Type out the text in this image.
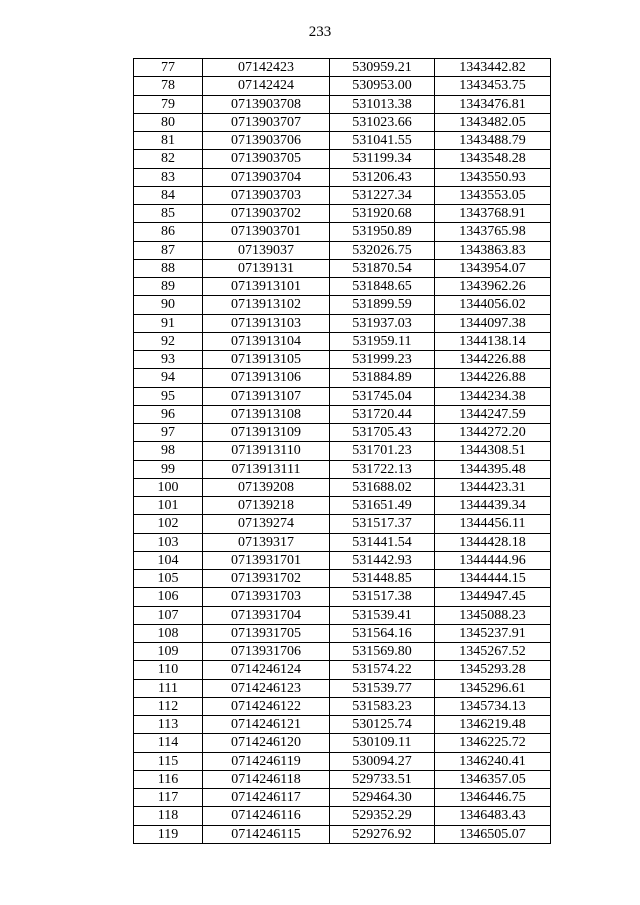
233
77	07142423	530959.21	1343442.82
78	07142424	530953.00	1343453.75
79	0713903708	531013.38	1343476.81
80	0713903707	531023.66	1343482.05
81	0713903706	531041.55	1343488.79
82	0713903705	531199.34	1343548.28
83	0713903704	531206.43	1343550.93
84	0713903703	531227.34	1343553.05
85	0713903702	531920.68	1343768.91
86	0713903701	531950.89	1343765.98
87	07139037	532026.75	1343863.83
88	07139131	531870.54	1343954.07
89	0713913101	531848.65	1343962.26
90	0713913102	531899.59	1344056.02
91	0713913103	531937.03	1344097.38
92	0713913104	531959.11	1344138.14
93	0713913105	531999.23	1344226.88
94	0713913106	531884.89	1344226.88
95	0713913107	531745.04	1344234.38
96	0713913108	531720.44	1344247.59
97	0713913109	531705.43	1344272.20
98	0713913110	531701.23	1344308.51
99	0713913111	531722.13	1344395.48
100	07139208	531688.02	1344423.31
101	07139218	531651.49	1344439.34
102	07139274	531517.37	1344456.11
103	07139317	531441.54	1344428.18
104	0713931701	531442.93	1344444.96
105	0713931702	531448.85	1344444.15
106	0713931703	531517.38	1344947.45
107	0713931704	531539.41	1345088.23
108	0713931705	531564.16	1345237.91
109	0713931706	531569.80	1345267.52
110	0714246124	531574.22	1345293.28
111	0714246123	531539.77	1345296.61
112	0714246122	531583.23	1345734.13
113	0714246121	530125.74	1346219.48
114	0714246120	530109.11	1346225.72
115	0714246119	530094.27	1346240.41
116	0714246118	529733.51	1346357.05
117	0714246117	529464.30	1346446.75
118	0714246116	529352.29	1346483.43
119	0714246115	529276.92	1346505.07
